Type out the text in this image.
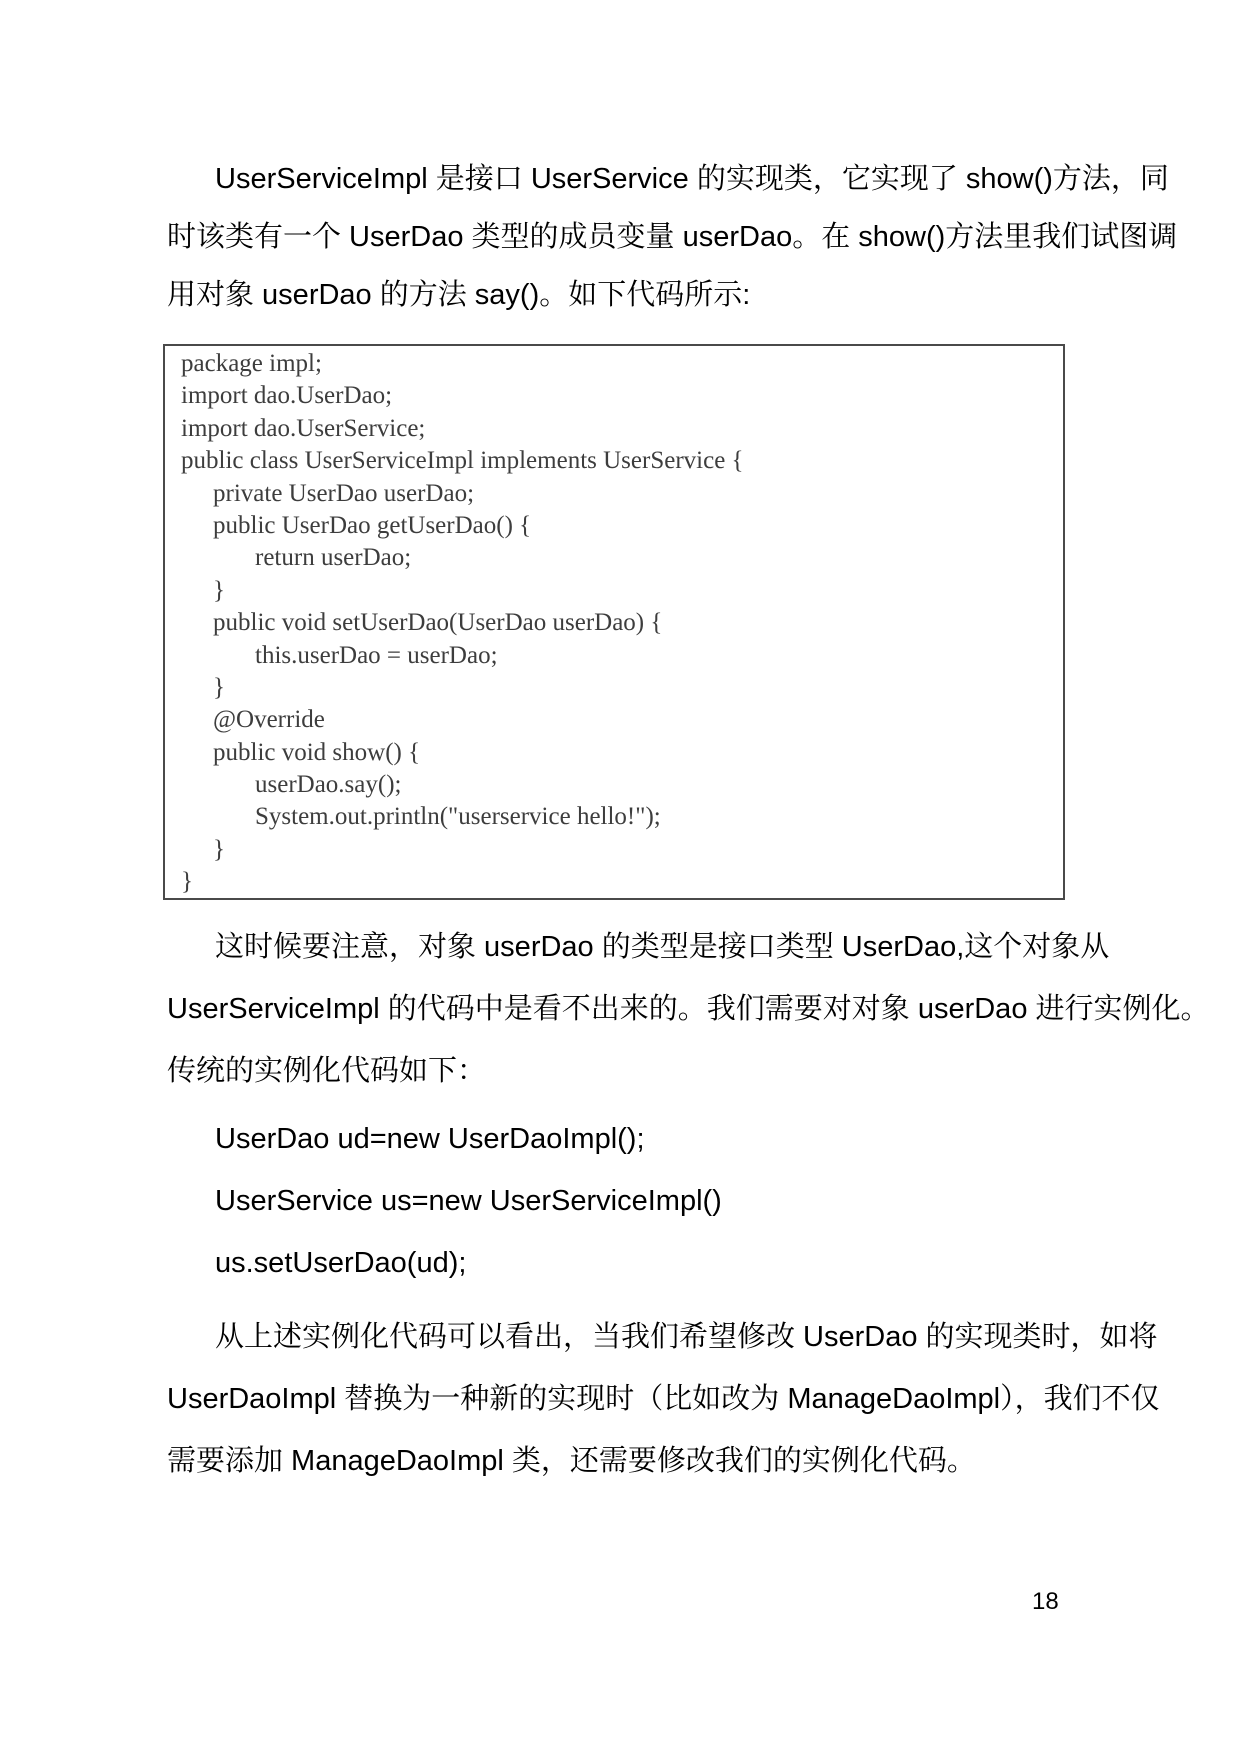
UserServiceImpl 是接口 UserService 的实现类，它实现了 show()方法，同
时该类有一个 UserDao 类型的成员变量 userDao。在 show()方法里我们试图调
用对象 userDao 的方法 say()。如下代码所示:
package impl;
import dao.UserDao;
import dao.UserService;
public class UserServiceImpl implements UserService {
private UserDao userDao;
public UserDao getUserDao() {
return userDao;
}
public void setUserDao(UserDao userDao) {
this.userDao = userDao;
}
@Override
public void show() {
userDao.say();
System.out.println("userservice hello!");
}
}
这时候要注意，对象 userDao 的类型是接口类型 UserDao,这个对象从
UserServiceImpl 的代码中是看不出来的。我们需要对对象 userDao 进行实例化。
传统的实例化代码如下：
UserDao ud=new UserDaoImpl();
UserService us=new UserServiceImpl()
us.setUserDao(ud);
从上述实例化代码可以看出，当我们希望修改 UserDao 的实现类时，如将
UserDaoImpl 替换为一种新的实现时（比如改为 ManageDaoImpl），我们不仅
需要添加 ManageDaoImpl 类，还需要修改我们的实例化代码。
18
